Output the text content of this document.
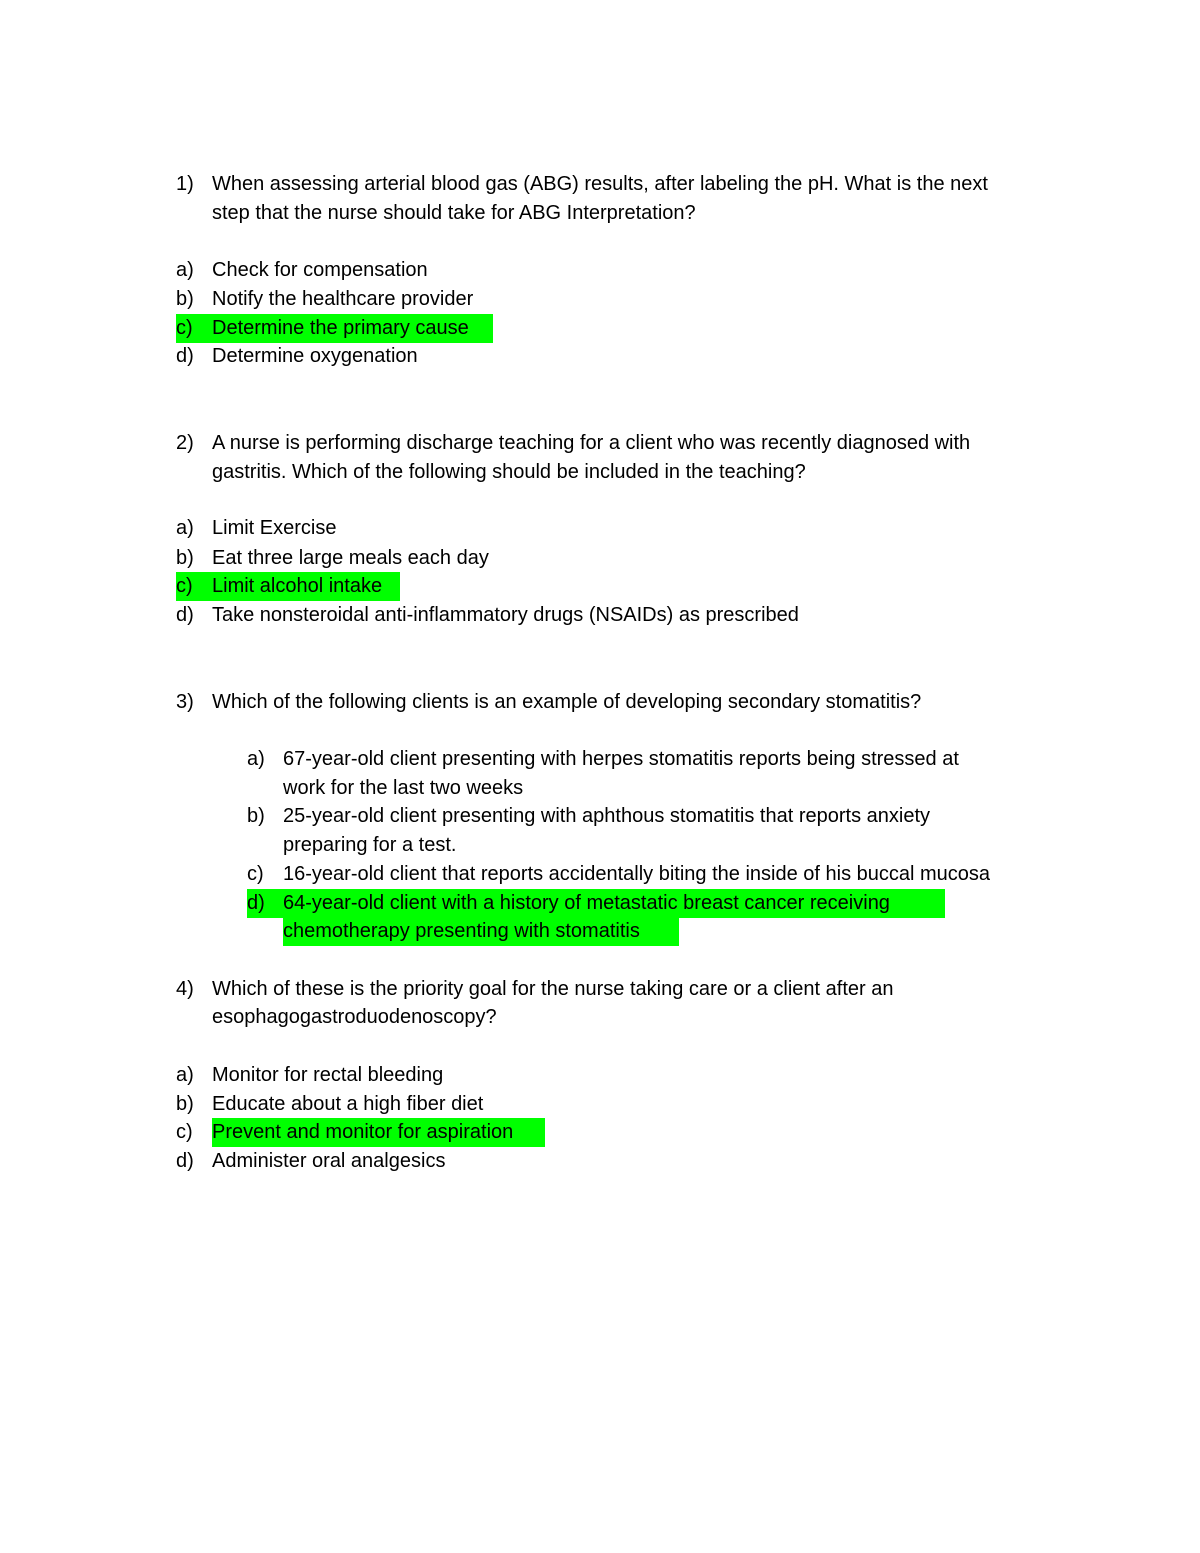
1) When assessing arterial blood gas (ABG) results, after labeling the pH. What is the next
step that the nurse should take for ABG Interpretation?
a) Check for compensation
b) Notify the healthcare provider
c) Determine the primary cause
d) Determine oxygenation
2) A nurse is performing discharge teaching for a client who was recently diagnosed with
gastritis. Which of the following should be included in the teaching?
a) Limit Exercise
b) Eat three large meals each day
c) Limit alcohol intake
d) Take nonsteroidal anti-inflammatory drugs (NSAIDs) as prescribed
3) Which of the following clients is an example of developing secondary stomatitis?
a) 67-year-old client presenting with herpes stomatitis reports being stressed at
work for the last two weeks
b) 25-year-old client presenting with aphthous stomatitis that reports anxiety
preparing for a test.
c) 16-year-old client that reports accidentally biting the inside of his buccal mucosa
d) 64-year-old client with a history of metastatic breast cancer receiving
chemotherapy presenting with stomatitis
4) Which of these is the priority goal for the nurse taking care or a client after an
esophagogastroduodenoscopy?
a) Monitor for rectal bleeding
b) Educate about a high fiber diet
c) Prevent and monitor for aspiration
d) Administer oral analgesics
